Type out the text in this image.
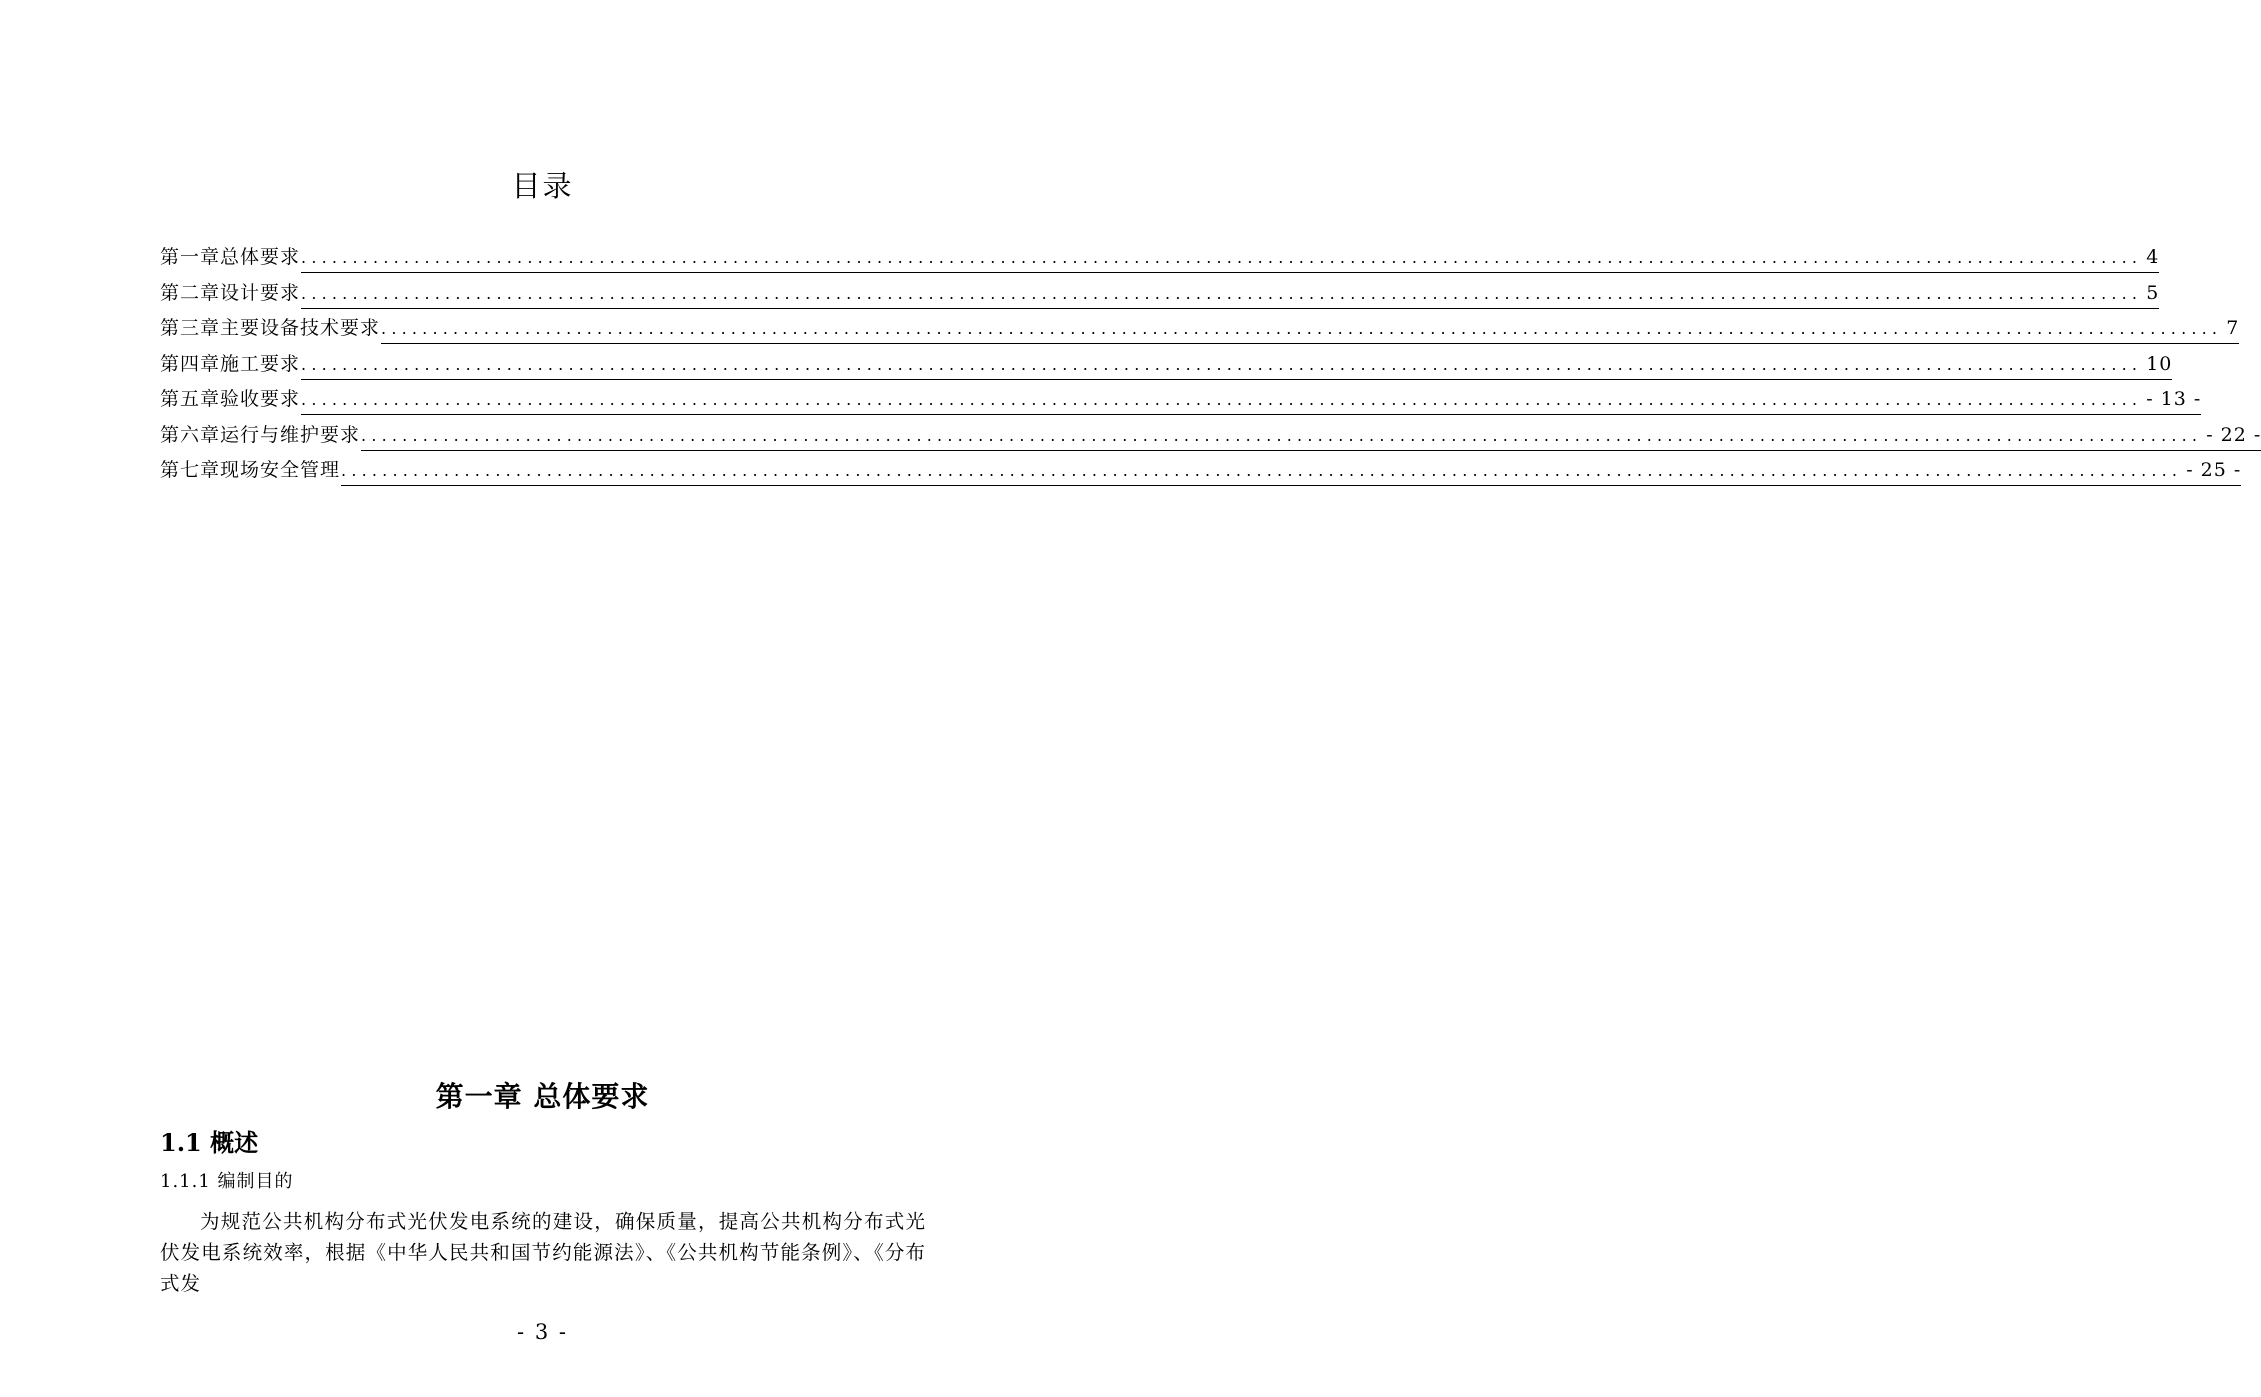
目录
第一章 总体要求 ................................................................................................................................................................................... 4
第二章 设计要求 ................................................................................................................................................................................... 5
第三章 主要设备技术要求 ................................................................................................................................................................................... 7
第四章 施工要求 ................................................................................................................................................................................... 10
第五章 验收要求 ................................................................................................................................................................................... - 13 -
第六章 运行与维护要求 ................................................................................................................................................................................... - 22 -
第七章 现场安全管理 ................................................................................................................................................................................... - 25 -
第一章 总体要求
1.1 概述
1.1.1 编制目的

为规范公共机构分布式光伏发电系统的建设，确保质量，提高公共机构分布式光伏发电系统效率，根据《中华人民共和国节约能源法》、《公共机构节能条例》、《分布式发

- 3 -
